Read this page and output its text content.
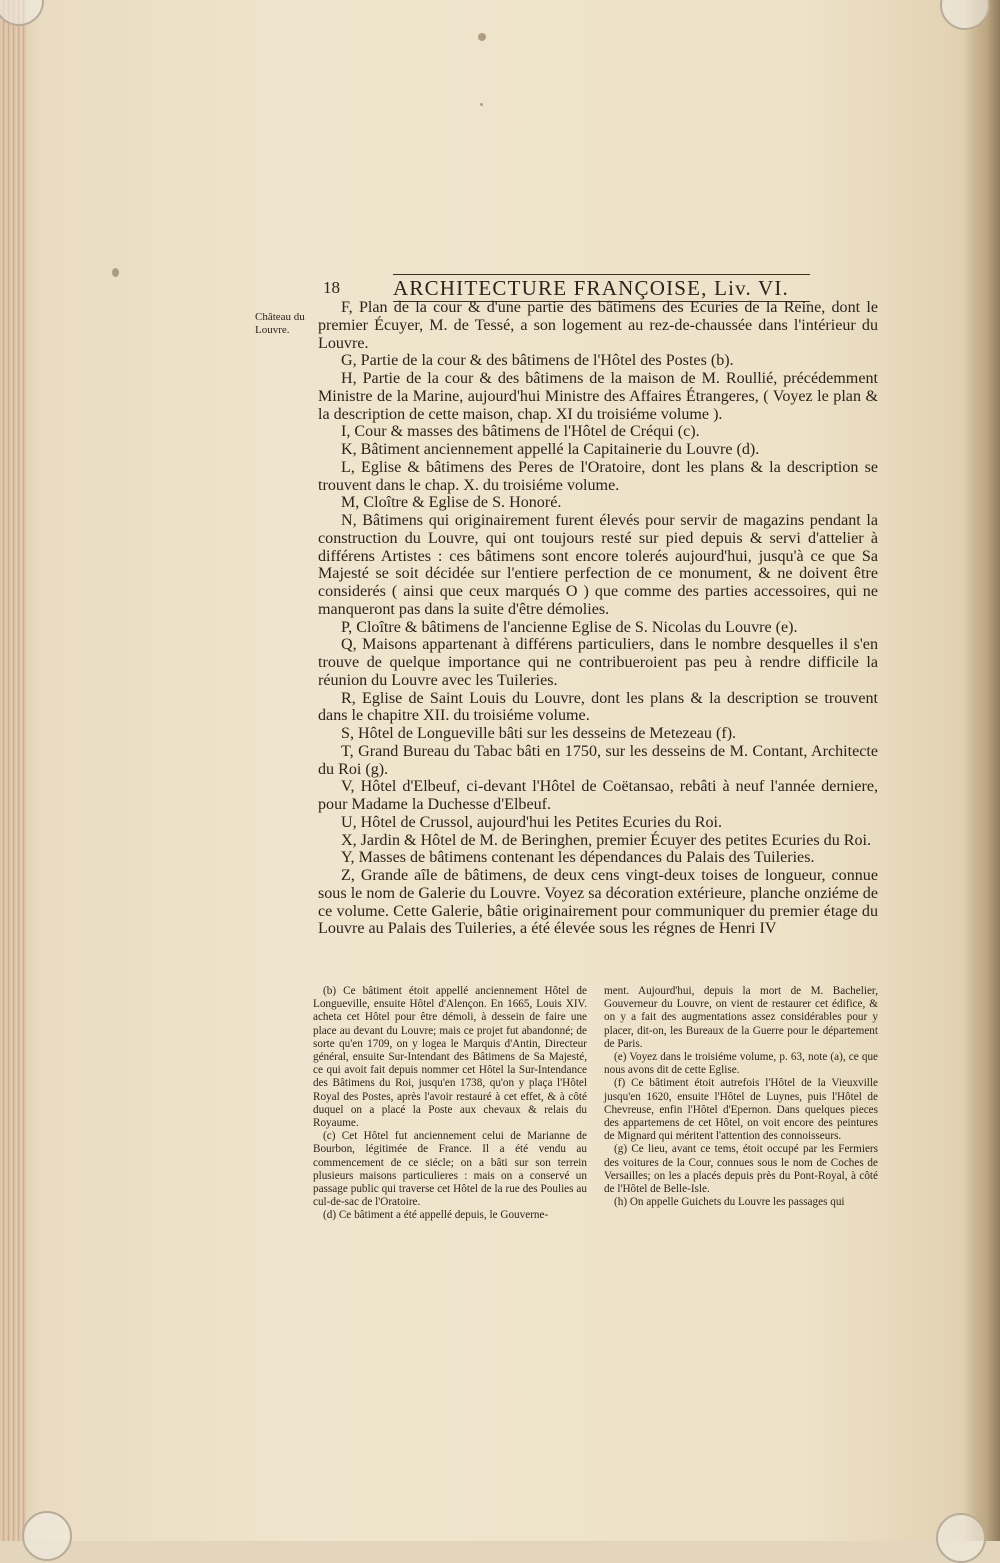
18	ARCHITECTURE FRANÇOISE, Liv. VI.
Château du Louvre.

F, Plan de la cour & d'une partie des bâtimens des Ecuries de la Reine, dont le premier Écuyer, M. de Tessé, a son logement au rez-de-chaussée dans l'intérieur du Louvre.

G, Partie de la cour & des bâtimens de l'Hôtel des Postes (b).

H, Partie de la cour & des bâtimens de la maison de M. Roullié, précédemment Ministre de la Marine, aujourd'hui Ministre des Affaires Étrangeres, ( Voyez le plan & la description de cette maison, chap. XI du troisiéme volume ).

I, Cour & masses des bâtimens de l'Hôtel de Créqui (c).

K, Bâtiment anciennement appellé la Capitainerie du Louvre (d).

L, Eglise & bâtimens des Peres de l'Oratoire, dont les plans & la description se trouvent dans le chap. X. du troisiéme volume.

M, Cloître & Eglise de S. Honoré.

N, Bâtimens qui originairement furent élevés pour servir de magazins pendant la construction du Louvre, qui ont toujours resté sur pied depuis & servi d'attelier à différens Artistes : ces bâtimens sont encore tolerés aujourd'hui, jusqu'à ce que Sa Majesté se soit décidée sur l'entiere perfection de ce monument, & ne doivent être considerés ( ainsi que ceux marqués O ) que comme des parties accessoires, qui ne manqueront pas dans la suite d'être démolies.

P, Cloître & bâtimens de l'ancienne Eglise de S. Nicolas du Louvre (e).

Q, Maisons appartenant à différens particuliers, dans le nombre desquelles il s'en trouve de quelque importance qui ne contribueroient pas peu à rendre difficile la réunion du Louvre avec les Tuileries.

R, Eglise de Saint Louis du Louvre, dont les plans & la description se trouvent dans le chapitre XII. du troisiéme volume.

S, Hôtel de Longueville bâti sur les desseins de Metezeau (f).

T, Grand Bureau du Tabac bâti en 1750, sur les desseins de M. Contant, Architecte du Roi (g).

V, Hôtel d'Elbeuf, ci-devant l'Hôtel de Coëtansao, rebâti à neuf l'année derniere, pour Madame la Duchesse d'Elbeuf.

U, Hôtel de Crussol, aujourd'hui les Petites Ecuries du Roi.

X, Jardin & Hôtel de M. de Beringhen, premier Écuyer des petites Ecuries du Roi.

Y, Masses de bâtimens contenant les dépendances du Palais des Tuileries.

Z, Grande aîle de bâtimens, de deux cens vingt-deux toises de longueur, connue sous le nom de Galerie du Louvre. Voyez sa décoration extérieure, planche onziéme de ce volume. Cette Galerie, bâtie originairement pour communiquer du premier étage du Louvre au Palais des Tuileries, a été élevée sous les régnes de Henri IV

(b) Ce bâtiment étoit appellé anciennement Hôtel de Longueville, ensuite Hôtel d'Alençon. En 1665, Louis XIV. acheta cet Hôtel pour être démoli, à dessein de faire une place au devant du Louvre; mais ce projet fut abandonné; de sorte qu'en 1709, on y logea le Marquis d'Antin, Directeur général, ensuite Sur-Intendant des Bâtimens de Sa Majesté, ce qui avoit fait depuis nommer cet Hôtel la Sur-Intendance des Bâtimens du Roi, jusqu'en 1738, qu'on y plaça l'Hôtel Royal des Postes, après l'avoir restauré à cet effet, & à côté duquel on a placé la Poste aux chevaux & relais du Royaume.

(c) Cet Hôtel fut anciennement celui de Marianne de Bourbon, légitimée de France. Il a été vendu au commencement de ce siécle; on a bâti sur son terrein plusieurs maisons particulieres : mais on a conservé un passage public qui traverse cet Hôtel de la rue des Poulies au cul-de-sac de l'Oratoire.

(d) Ce bâtiment a été appellé depuis, le Gouverne-

ment. Aujourd'hui, depuis la mort de M. Bachelier, Gouverneur du Louvre, on vient de restaurer cet édifice, & on y a fait des augmentations assez considérables pour y placer, dit-on, les Bureaux de la Guerre pour le département de Paris.

(e) Voyez dans le troisiéme volume, p. 63, note (a), ce que nous avons dit de cette Eglise.

(f) Ce bâtiment étoit autrefois l'Hôtel de la Vieuxville jusqu'en 1620, ensuite l'Hôtel de Luynes, puis l'Hôtel de Chevreuse, enfin l'Hôtel d'Epernon. Dans quelques pieces des appartemens de cet Hôtel, on voit encore des peintures de Mignard qui méritent l'attention des connoisseurs.

(g) Ce lieu, avant ce tems, étoit occupé par les Fermiers des voitures de la Cour, connues sous le nom de Coches de Versailles; on les a placés depuis près du Pont-Royal, à côté de l'Hôtel de Belle-Isle.

(h) On appelle Guichets du Louvre les passages qui
